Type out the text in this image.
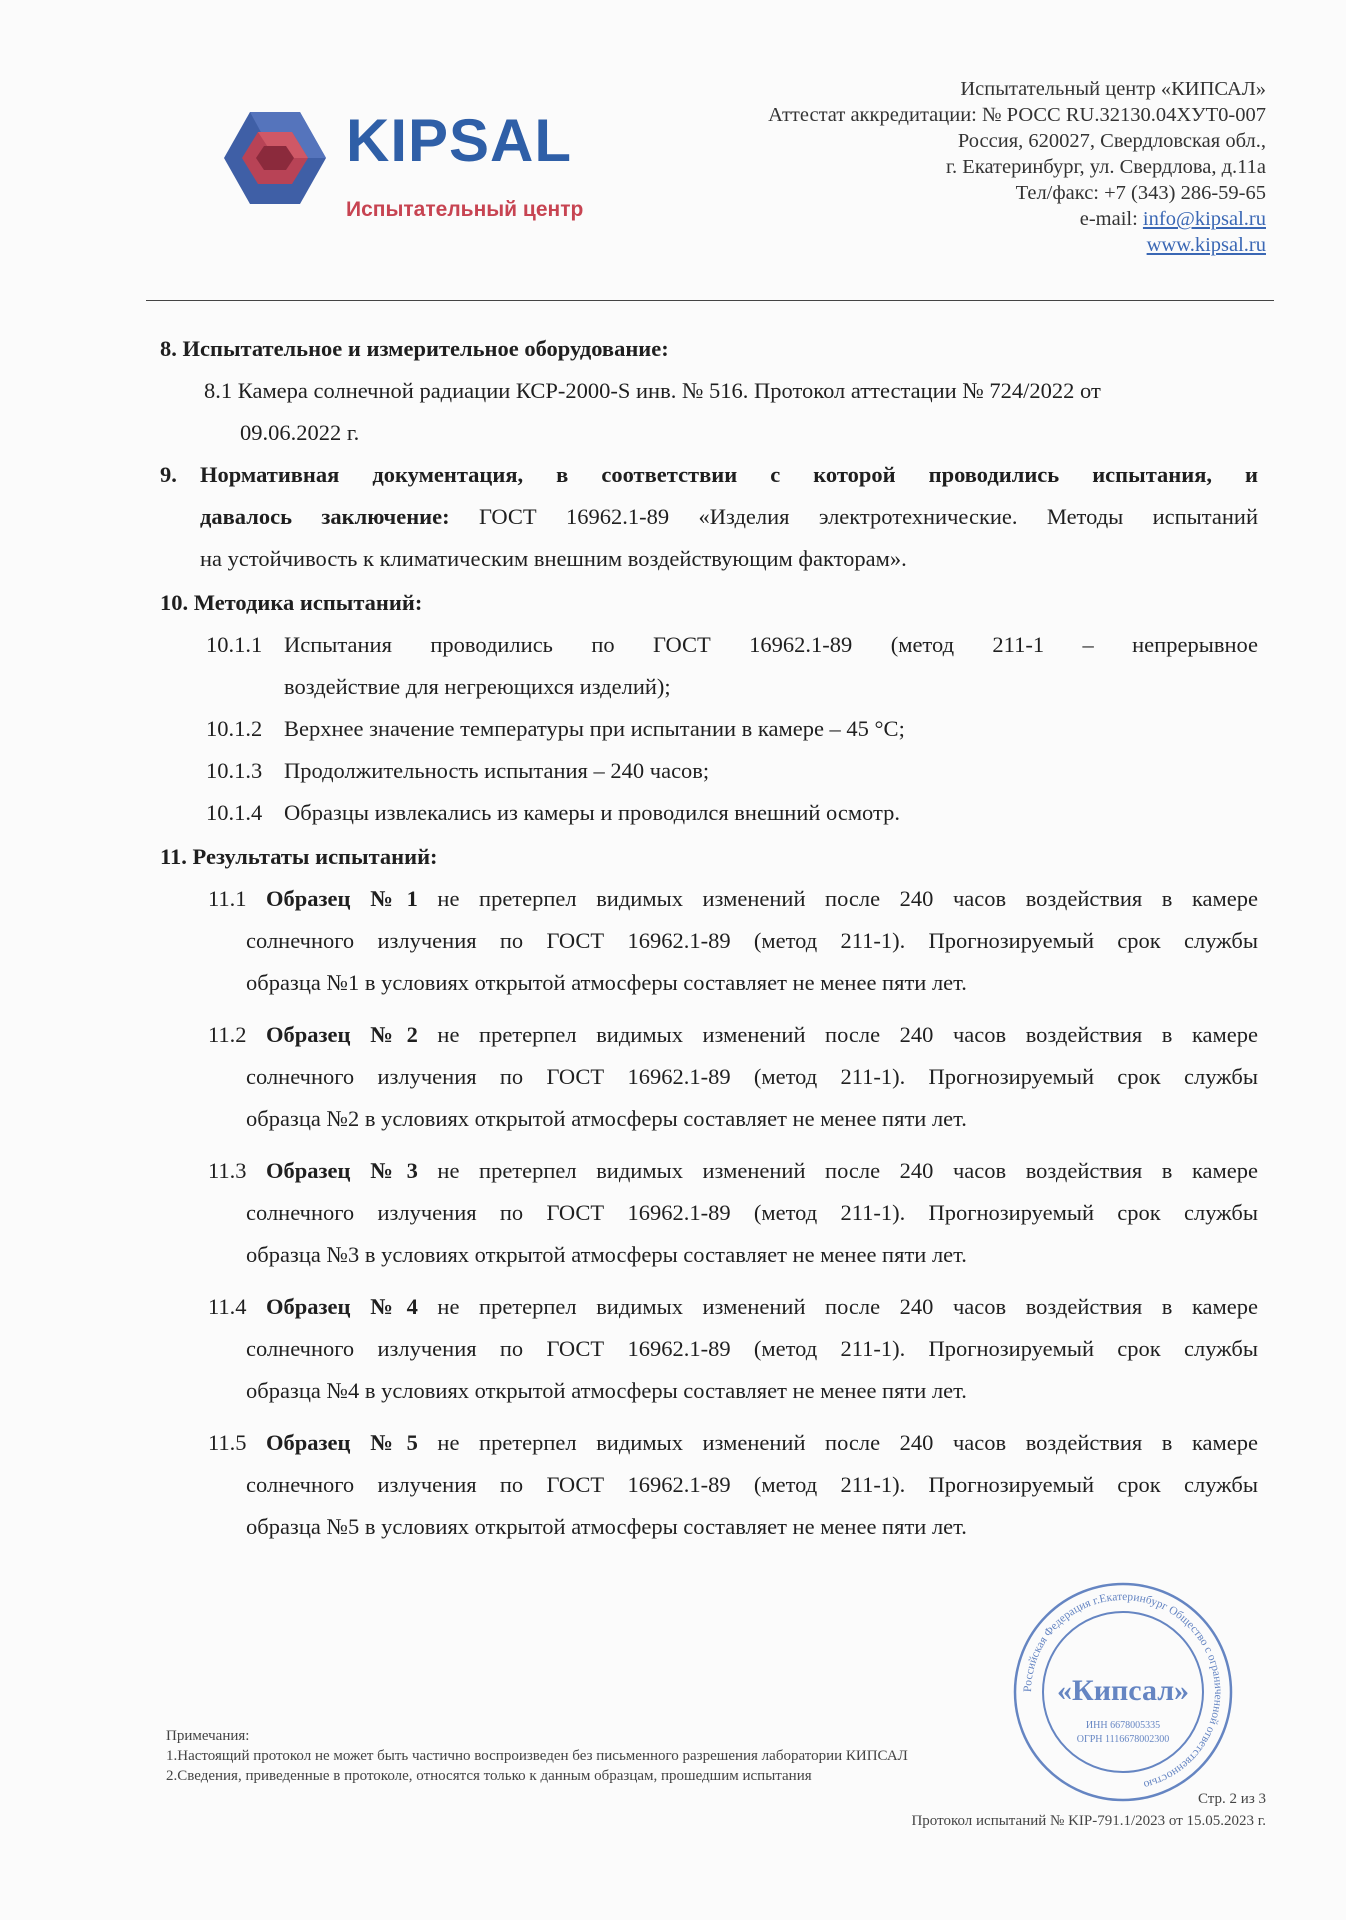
KIPSAL
Испытательный центр
Испытательный центр «КИПСАЛ»
Аттестат аккредитации: № РОСС RU.32130.04ХУТ0-007
Россия, 620027, Свердловская обл.,
г. Екатеринбург, ул. Свердлова, д.11а
Тел/факс: +7 (343) 286-59-65
e-mail: info@kipsal.ru
www.kipsal.ru
8. Испытательное и измерительное оборудование:
8.1 Камера солнечной радиации КСР-2000-S инв. № 516. Протокол аттестации № 724/2022 от
09.06.2022 г.
9. Нормативная документация, в соответствии с которой проводились испытания, и
давалось заключение: ГОСТ 16962.1-89 «Изделия электротехнические. Методы испытаний
на устойчивость к климатическим внешним воздействующим факторам».
10. Методика испытаний:
10.1.1 Испытания проводились по ГОСТ 16962.1-89 (метод 211-1 – непрерывное
воздействие для негреющихся изделий);
10.1.2 Верхнее значение температуры при испытании в камере – 45 °С;
10.1.3 Продолжительность испытания – 240 часов;
10.1.4 Образцы извлекались из камеры и проводился внешний осмотр.
11. Результаты испытаний:
11.1 Образец №1 не претерпел видимых изменений после 240 часов воздействия в камере
солнечного излучения по ГОСТ 16962.1-89 (метод 211-1). Прогнозируемый срок службы
образца №1 в условиях открытой атмосферы составляет не менее пяти лет.
11.2 Образец №2 не претерпел видимых изменений после 240 часов воздействия в камере
солнечного излучения по ГОСТ 16962.1-89 (метод 211-1). Прогнозируемый срок службы
образца №2 в условиях открытой атмосферы составляет не менее пяти лет.
11.3 Образец №3 не претерпел видимых изменений после 240 часов воздействия в камере
солнечного излучения по ГОСТ 16962.1-89 (метод 211-1). Прогнозируемый срок службы
образца №3 в условиях открытой атмосферы составляет не менее пяти лет.
11.4 Образец №4 не претерпел видимых изменений после 240 часов воздействия в камере
солнечного излучения по ГОСТ 16962.1-89 (метод 211-1). Прогнозируемый срок службы
образца №4 в условиях открытой атмосферы составляет не менее пяти лет.
11.5 Образец №5 не претерпел видимых изменений после 240 часов воздействия в камере
солнечного излучения по ГОСТ 16962.1-89 (метод 211-1). Прогнозируемый срок службы
образца №5 в условиях открытой атмосферы составляет не менее пяти лет.
Российская Федерация г.Екатеринбург Общество с ограниченной ответственностью
«Кипсал»
ИНН 6678005335
ОГРН 1116678002300
Примечания:
1.Настоящий протокол не может быть частично воспроизведен без письменного разрешения лаборатории КИПСАЛ
2.Сведения, приведенные в протоколе, относятся только к данным образцам, прошедшим испытания
Стр. 2 из 3
Протокол испытаний № KIP-791.1/2023 от 15.05.2023 г.
